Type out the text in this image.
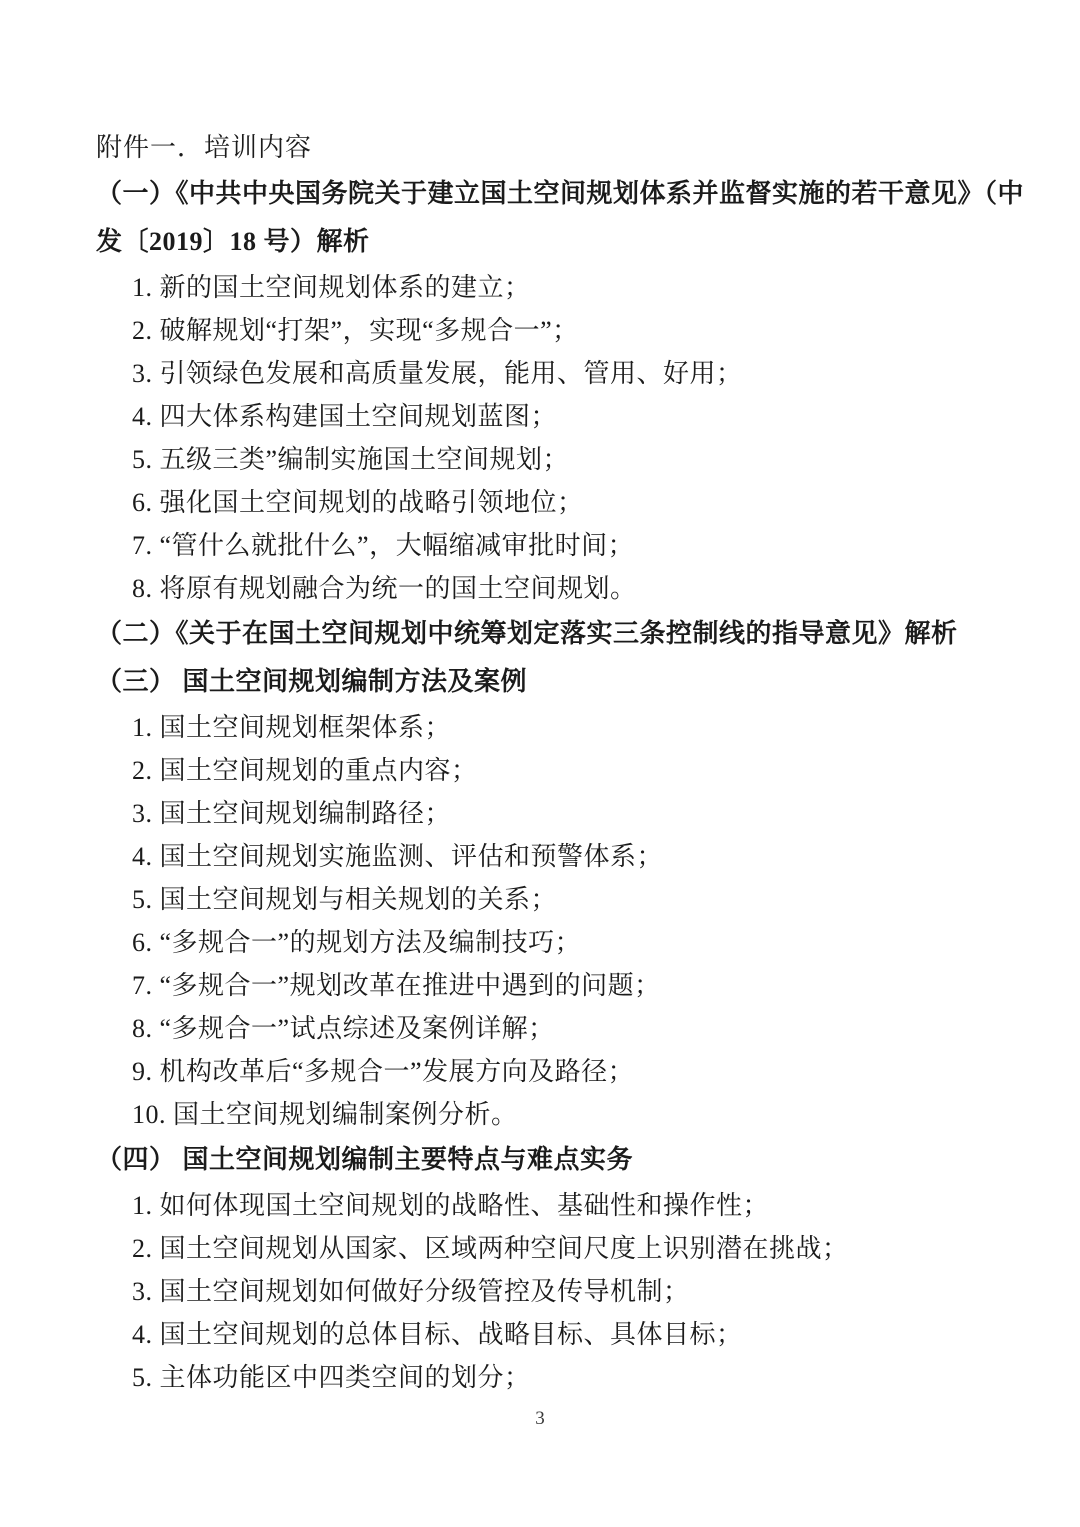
附件一．培训内容
（一）《中共中央国务院关于建立国土空间规划体系并监督实施的若干意见》（中
发〔2019〕18 号）解析
1. 新的国土空间规划体系的建立；
2. 破解规划“打架”，实现“多规合一”；
3. 引领绿色发展和高质量发展，能用、管用、好用；
4. 四大体系构建国土空间规划蓝图；
5. 五级三类”编制实施国土空间规划；
6. 强化国土空间规划的战略引领地位；
7. “管什么就批什么”，大幅缩减审批时间；
8. 将原有规划融合为统一的国土空间规划。
（二）《关于在国土空间规划中统筹划定落实三条控制线的指导意见》解析
（三） 国土空间规划编制方法及案例
1. 国土空间规划框架体系；
2. 国土空间规划的重点内容；
3. 国土空间规划编制路径；
4. 国土空间规划实施监测、评估和预警体系；
5. 国土空间规划与相关规划的关系；
6. “多规合一”的规划方法及编制技巧；
7. “多规合一”规划改革在推进中遇到的问题；
8. “多规合一”试点综述及案例详解；
9. 机构改革后“多规合一”发展方向及路径；
10. 国土空间规划编制案例分析。
（四） 国土空间规划编制主要特点与难点实务
1. 如何体现国土空间规划的战略性、基础性和操作性；
2. 国土空间规划从国家、区域两种空间尺度上识别潜在挑战；
3. 国土空间规划如何做好分级管控及传导机制；
4. 国土空间规划的总体目标、战略目标、具体目标；
5. 主体功能区中四类空间的划分；
3
